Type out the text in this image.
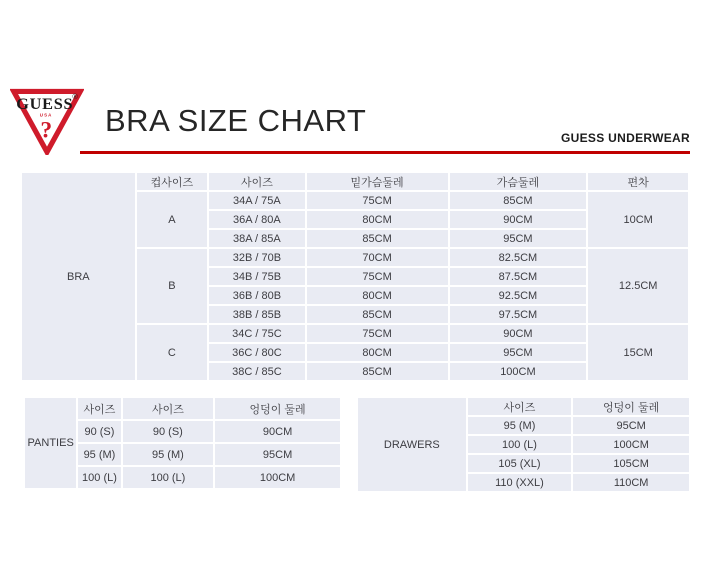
GUESS ®
U S A
? BRA SIZE CHART	GUESS UNDERWEAR
BRA	컵사이즈	사이즈	밑가슴둘레	가슴둘레	편차
	A	34A / 75A	75CM	85CM	10CM
		36A / 80A	80CM	90CM	
		38A / 85A	85CM	95CM	
	B	32B / 70B	70CM	82.5CM	12.5CM
		34B / 75B	75CM	87.5CM	
		36B / 80B	80CM	92.5CM	
		38B / 85B	85CM	97.5CM	
	C	34C / 75C	75CM	90CM	15CM
		36C / 80C	80CM	95CM	
		38C / 85C	85CM	100CM	
PANTIES	사이즈	사이즈	엉덩이 둘레
	90 (S)	90 (S)	90CM
	95 (M)	95 (M)	95CM
	100 (L)	100 (L)	100CM
DRAWERS	사이즈	엉덩이 둘레
	95 (M)	95CM
	100 (L)	100CM
	105 (XL)	105CM
	110 (XXL)	110CM
